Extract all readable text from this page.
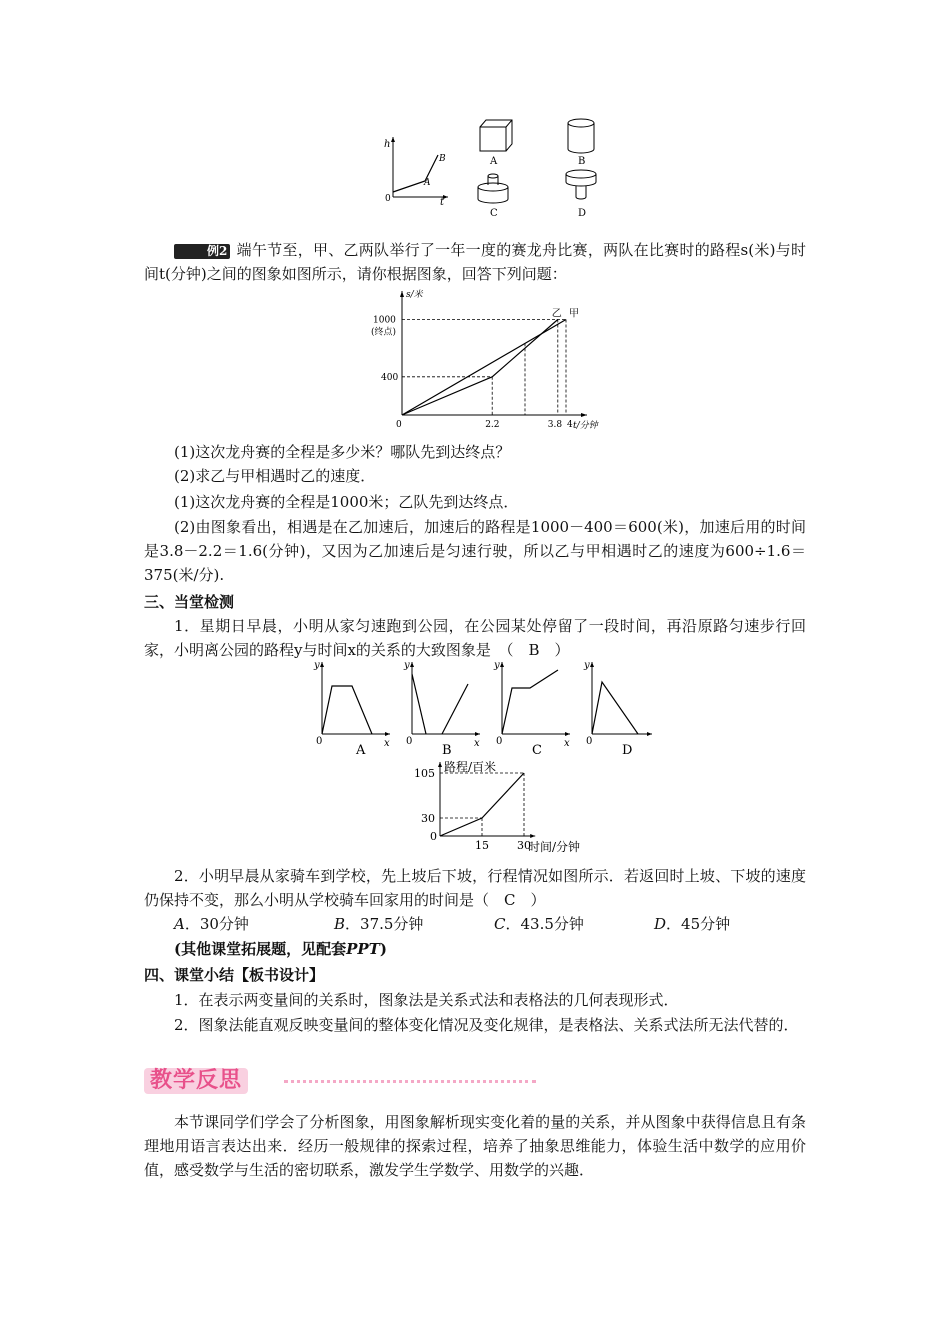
h
t
0
A
B	A	B
C	D

例2 端午节至，甲、乙两队举行了一年一度的赛龙舟比赛，两队在比赛时的路程s(米)与时间t(分钟)之间的图象如图所示，请你根据图象，回答下列问题：

乙 甲
1000
(终点)
400
2.2	3.8 4
0
s/米
t/分钟

(1)这次龙舟赛的全程是多少米？哪队先到达终点？

(2)求乙与甲相遇时乙的速度．

(1)这次龙舟赛的全程是1000米；乙队先到达终点．

(2)由图象看出，相遇是在乙加速后，加速后的路程是1000－400＝600(米)，加速后用的时间是3.8－2.2＝1.6(分钟)，又因为乙加速后是匀速行驶，所以乙与甲相遇时乙的速度为600÷1.6＝375(米/分).

三、当堂检测

1．星期日早晨，小明从家匀速跑到公园，在公园某处停留了一段时间，再沿原路匀速步行回家，小明离公园的路程y与时间x的关系的大致图象是　 （　B　）

y
x
0
A
y
x
0
B
y
x
0
C
y
0
D
105
30
15	30
0
路程/百米
时间/分钟

2．小明早晨从家骑车到学校，先上坡后下坡，行程情况如图所示．若返回时上坡、下坡的速度仍保持不变，那么小明从学校骑车回家用的时间是（　C　）

A．30分钟	B．37.5分钟	C．43.5分钟	D．45分钟
(其他课堂拓展题，见配套PPT)
四、课堂小结【板书设计】

1．在表示两变量间的关系时，图象法是关系式法和表格法的几何表现形式．

2．图象法能直观反映变量间的整体变化情况及变化规律，是表格法、关系式法所无法代替的．

教学反思

本节课同学们学会了分析图象，用图象解析现实变化着的量的关系，并从图象中获得信息且有条理地用语言表达出来．经历一般规律的探索过程，培养了抽象思维能力，体验生活中数学的应用价值，感受数学与生活的密切联系，激发学生学数学、用数学的兴趣．
